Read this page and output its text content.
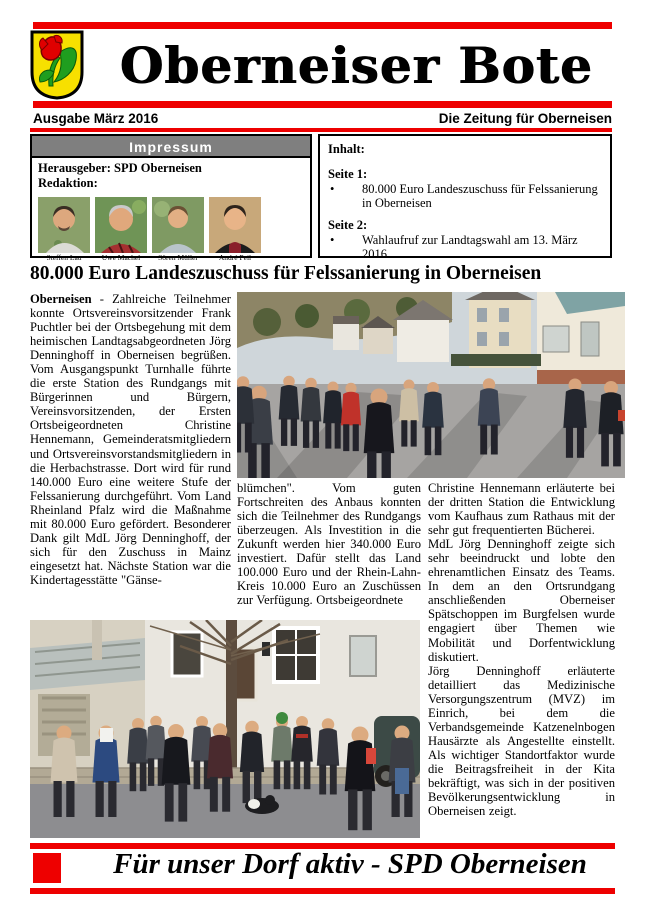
Oberneiser Bote
Ausgabe März 2016	Die Zeitung für Oberneisen
Impressum
Herausgeber: SPD Oberneisen
Redaktion:
Steffen Lau	Uwe Machel	Sören Müller	André Peil
Inhalt:
Seite 1:
•	80.000 Euro Landeszuschuss für Felssanierung in Oberneisen
Seite 2:
•	Wahlaufruf zur Landtagswahl am 13. März 2016
80.000 Euro Landeszuschuss für Felssanierung in Oberneisen

Oberneisen - Zahlreiche Teilnehmer konnte Ortsvereinsvorsitzender Frank Puchtler bei der Ortsbegehung mit dem heimischen Landtagsabgeordneten Jörg Denninghoff in Oberneisen begrüßen. Vom Ausgangspunkt Turnhalle führte die erste Station des Rundgangs mit Bürgerinnen und Bürgern, Vereinsvorsitzenden, der Ersten Ortsbeigeordneten Christine Hennemann, Gemeinderatsmitgliedern und Ortsvereinsvorstandsmitgliedern in die Herbachstrasse. Dort wird für rund 140.000 Euro eine weitere Stufe der Felssanierung durchgeführt. Vom Land Rheinland Pfalz wird die Maßnahme mit 80.000 Euro gefördert. Besonderer Dank gilt MdL Jörg Denninghoff, der sich für den Zuschuss in Mainz eingesetzt hat. Nächste Station war die Kindertagesstätte "Gänse-

blümchen". Vom guten Fortschreiten des Anbaus konnten sich die Teilnehmer des Rundgangs überzeugen. Als Investition in die Zukunft werden hier 340.000 Euro investiert. Dafür stellt das Land 100.000 Euro und der Rhein-Lahn-Kreis 10.000 Euro an Zuschüssen zur Verfügung. Ortsbeigeordnete

Christine Hennemann erläuterte bei der dritten Station die Entwicklung vom Kaufhaus zum Rathaus mit der sehr gut frequentierten Bücherei.

MdL Jörg Denninghoff zeigte sich sehr beeindruckt und lobte den ehrenamtlichen Einsatz des Teams. In dem an den Ortsrundgang anschließenden Oberneiser Spätschoppen im Burgfelsen wurde engagiert über Themen wie Mobilität und Dorfentwicklung diskutiert.

Jörg Denninghoff erläuterte detailliert das Medizinische Versorgungszentrum (MVZ) im Einrich, bei dem die Verbandsgemeinde Katzenelnbogen Hausärzte als Angestellte einstellt. Als wichtiger Standortfaktor wurde die Beitragsfreiheit in der Kita bekräftigt, was sich in der positiven Bevölkerungsentwicklung in Oberneisen zeigt.

Für unser Dorf aktiv - SPD Oberneisen
